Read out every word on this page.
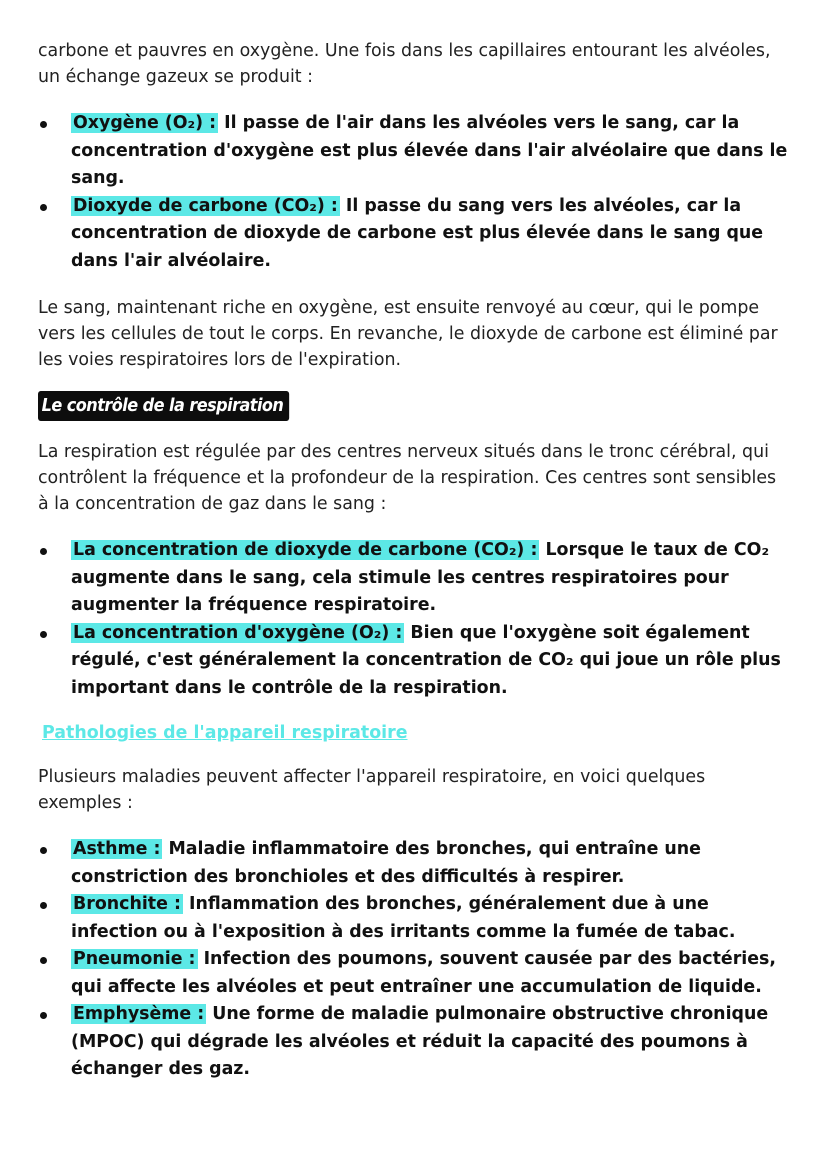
carbone et pauvres en oxygène. Une fois dans les capillaires entourant les alvéoles, un échange gazeux se produit :

Oxygène (O₂) : Il passe de l'air dans les alvéoles vers le sang, car la concentration d'oxygène est plus élevée dans l'air alvéolaire que dans le sang.
Dioxyde de carbone (CO₂) : Il passe du sang vers les alvéoles, car la concentration de dioxyde de carbone est plus élevée dans le sang que dans l'air alvéolaire.

Le sang, maintenant riche en oxygène, est ensuite renvoyé au cœur, qui le pompe vers les cellules de tout le corps. En revanche, le dioxyde de carbone est éliminé par les voies respiratoires lors de l'expiration.

Le contrôle de la respiration

La respiration est régulée par des centres nerveux situés dans le tronc cérébral, qui contrôlent la fréquence et la profondeur de la respiration. Ces centres sont sensibles à la concentration de gaz dans le sang :

La concentration de dioxyde de carbone (CO₂) : Lorsque le taux de CO₂ augmente dans le sang, cela stimule les centres respiratoires pour augmenter la fréquence respiratoire.
La concentration d'oxygène (O₂) : Bien que l'oxygène soit également régulé, c'est généralement la concentration de CO₂ qui joue un rôle plus important dans le contrôle de la respiration.
Pathologies de l'appareil respiratoire

Plusieurs maladies peuvent affecter l'appareil respiratoire, en voici quelques exemples :

Asthme : Maladie inflammatoire des bronches, qui entraîne une constriction des bronchioles et des difficultés à respirer.
Bronchite : Inflammation des bronches, généralement due à une infection ou à l'exposition à des irritants comme la fumée de tabac.
Pneumonie : Infection des poumons, souvent causée par des bactéries, qui affecte les alvéoles et peut entraîner une accumulation de liquide.
Emphysème : Une forme de maladie pulmonaire obstructive chronique (MPOC) qui dégrade les alvéoles et réduit la capacité des poumons à échanger des gaz.
